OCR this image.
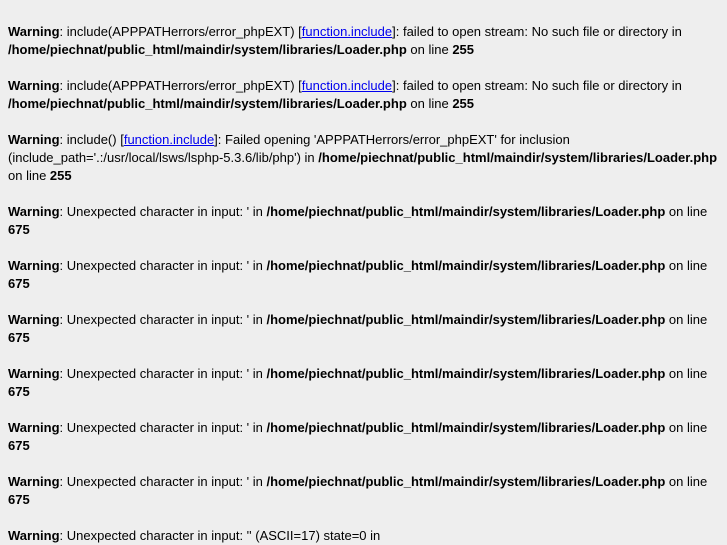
Warning: include(APPPATHerrors/error_phpEXT) [function.include]: failed to open stream: No such file or directory in /home/piechnat/public_html/maindir/system/libraries/Loader.php on line 255
Warning: include(APPPATHerrors/error_phpEXT) [function.include]: failed to open stream: No such file or directory in /home/piechnat/public_html/maindir/system/libraries/Loader.php on line 255
Warning: include() [function.include]: Failed opening 'APPPATHerrors/error_phpEXT' for inclusion (include_path='.:/usr/local/lsws/lsphp-5.3.6/lib/php') in /home/piechnat/public_html/maindir/system/libraries/Loader.php on line 255
Warning: Unexpected character in input: ' in /home/piechnat/public_html/maindir/system/libraries/Loader.php on line 675
Warning: Unexpected character in input: ' in /home/piechnat/public_html/maindir/system/libraries/Loader.php on line 675
Warning: Unexpected character in input: ' in /home/piechnat/public_html/maindir/system/libraries/Loader.php on line 675
Warning: Unexpected character in input: ' in /home/piechnat/public_html/maindir/system/libraries/Loader.php on line 675
Warning: Unexpected character in input: ' in /home/piechnat/public_html/maindir/system/libraries/Loader.php on line 675
Warning: Unexpected character in input: ' in /home/piechnat/public_html/maindir/system/libraries/Loader.php on line 675
Warning: Unexpected character in input: '' (ASCII=17) state=0 in
